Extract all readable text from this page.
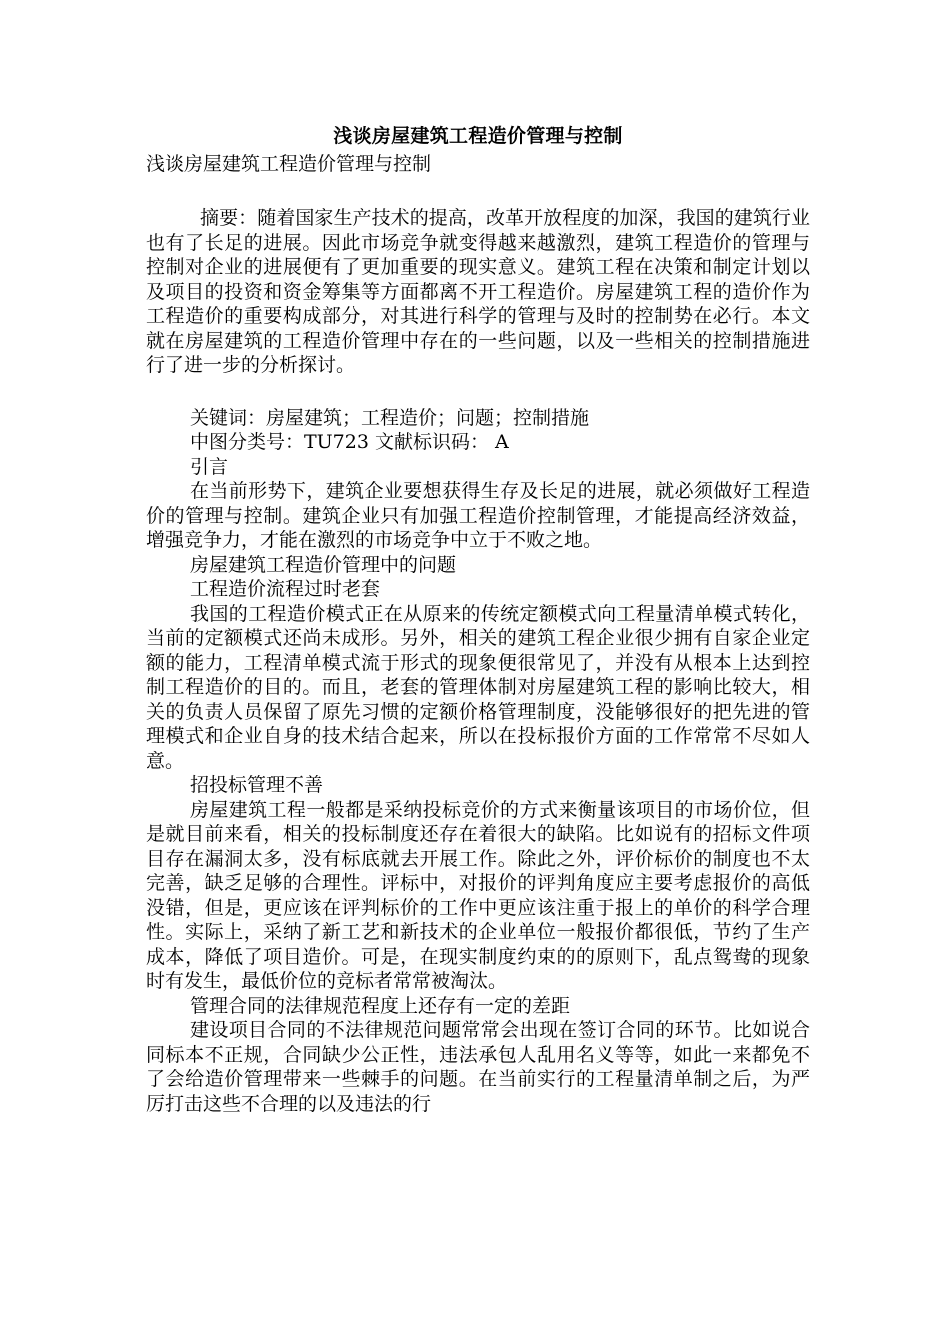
浅谈房屋建筑工程造价管理与控制
浅谈房屋建筑工程造价管理与控制

摘要：随着国家生产技术的提高，改革开放程度的加深，我国的建筑行业也有了长足的进展。因此市场竞争就变得越来越激烈，建筑工程造价的管理与控制对企业的进展便有了更加重要的现实意义。建筑工程在决策和制定计划以及项目的投资和资金筹集等方面都离不开工程造价。房屋建筑工程的造价作为工程造价的重要构成部分，对其进行科学的管理与及时的控制势在必行。本文就在房屋建筑的工程造价管理中存在的一些问题，以及一些相关的控制措施进行了进一步的分析探讨。

关键词：房屋建筑；工程造价；问题；控制措施
中图分类号：TU723 文献标识码： A
引言

在当前形势下，建筑企业要想获得生存及长足的进展，就必须做好工程造价的管理与控制。建筑企业只有加强工程造价控制管理，才能提高经济效益，增强竞争力，才能在激烈的市场竞争中立于不败之地。

房屋建筑工程造价管理中的问题
工程造价流程过时老套

我国的工程造价模式正在从原来的传统定额模式向工程量清单模式转化，当前的定额模式还尚未成形。另外，相关的建筑工程企业很少拥有自家企业定额的能力，工程清单模式流于形式的现象便很常见了，并没有从根本上达到控制工程造价的目的。而且，老套的管理体制对房屋建筑工程的影响比较大，相关的负责人员保留了原先习惯的定额价格管理制度，没能够很好的把先进的管理模式和企业自身的技术结合起来，所以在投标报价方面的工作常常不尽如人意。

招投标管理不善

房屋建筑工程一般都是采纳投标竞价的方式来衡量该项目的市场价位，但是就目前来看，相关的投标制度还存在着很大的缺陷。比如说有的招标文件项目存在漏洞太多，没有标底就去开展工作。除此之外，评价标价的制度也不太完善，缺乏足够的合理性。评标中，对报价的评判角度应主要考虑报价的高低没错，但是，更应该在评判标价的工作中更应该注重于报上的单价的科学合理性。实际上，采纳了新工艺和新技术的企业单位一般报价都很低，节约了生产成本，降低了项目造价。可是，在现实制度约束的的原则下，乱点鸳鸯的现象时有发生，最低价位的竞标者常常被淘汰。

管理合同的法律规范程度上还存有一定的差距

建设项目合同的不法律规范问题常常会出现在签订合同的环节。比如说合同标本不正规，合同缺少公正性，违法承包人乱用名义等等，如此一来都免不了会给造价管理带来一些棘手的问题。在当前实行的工程量清单制之后，为严厉打击这些不合理的以及违法的行
